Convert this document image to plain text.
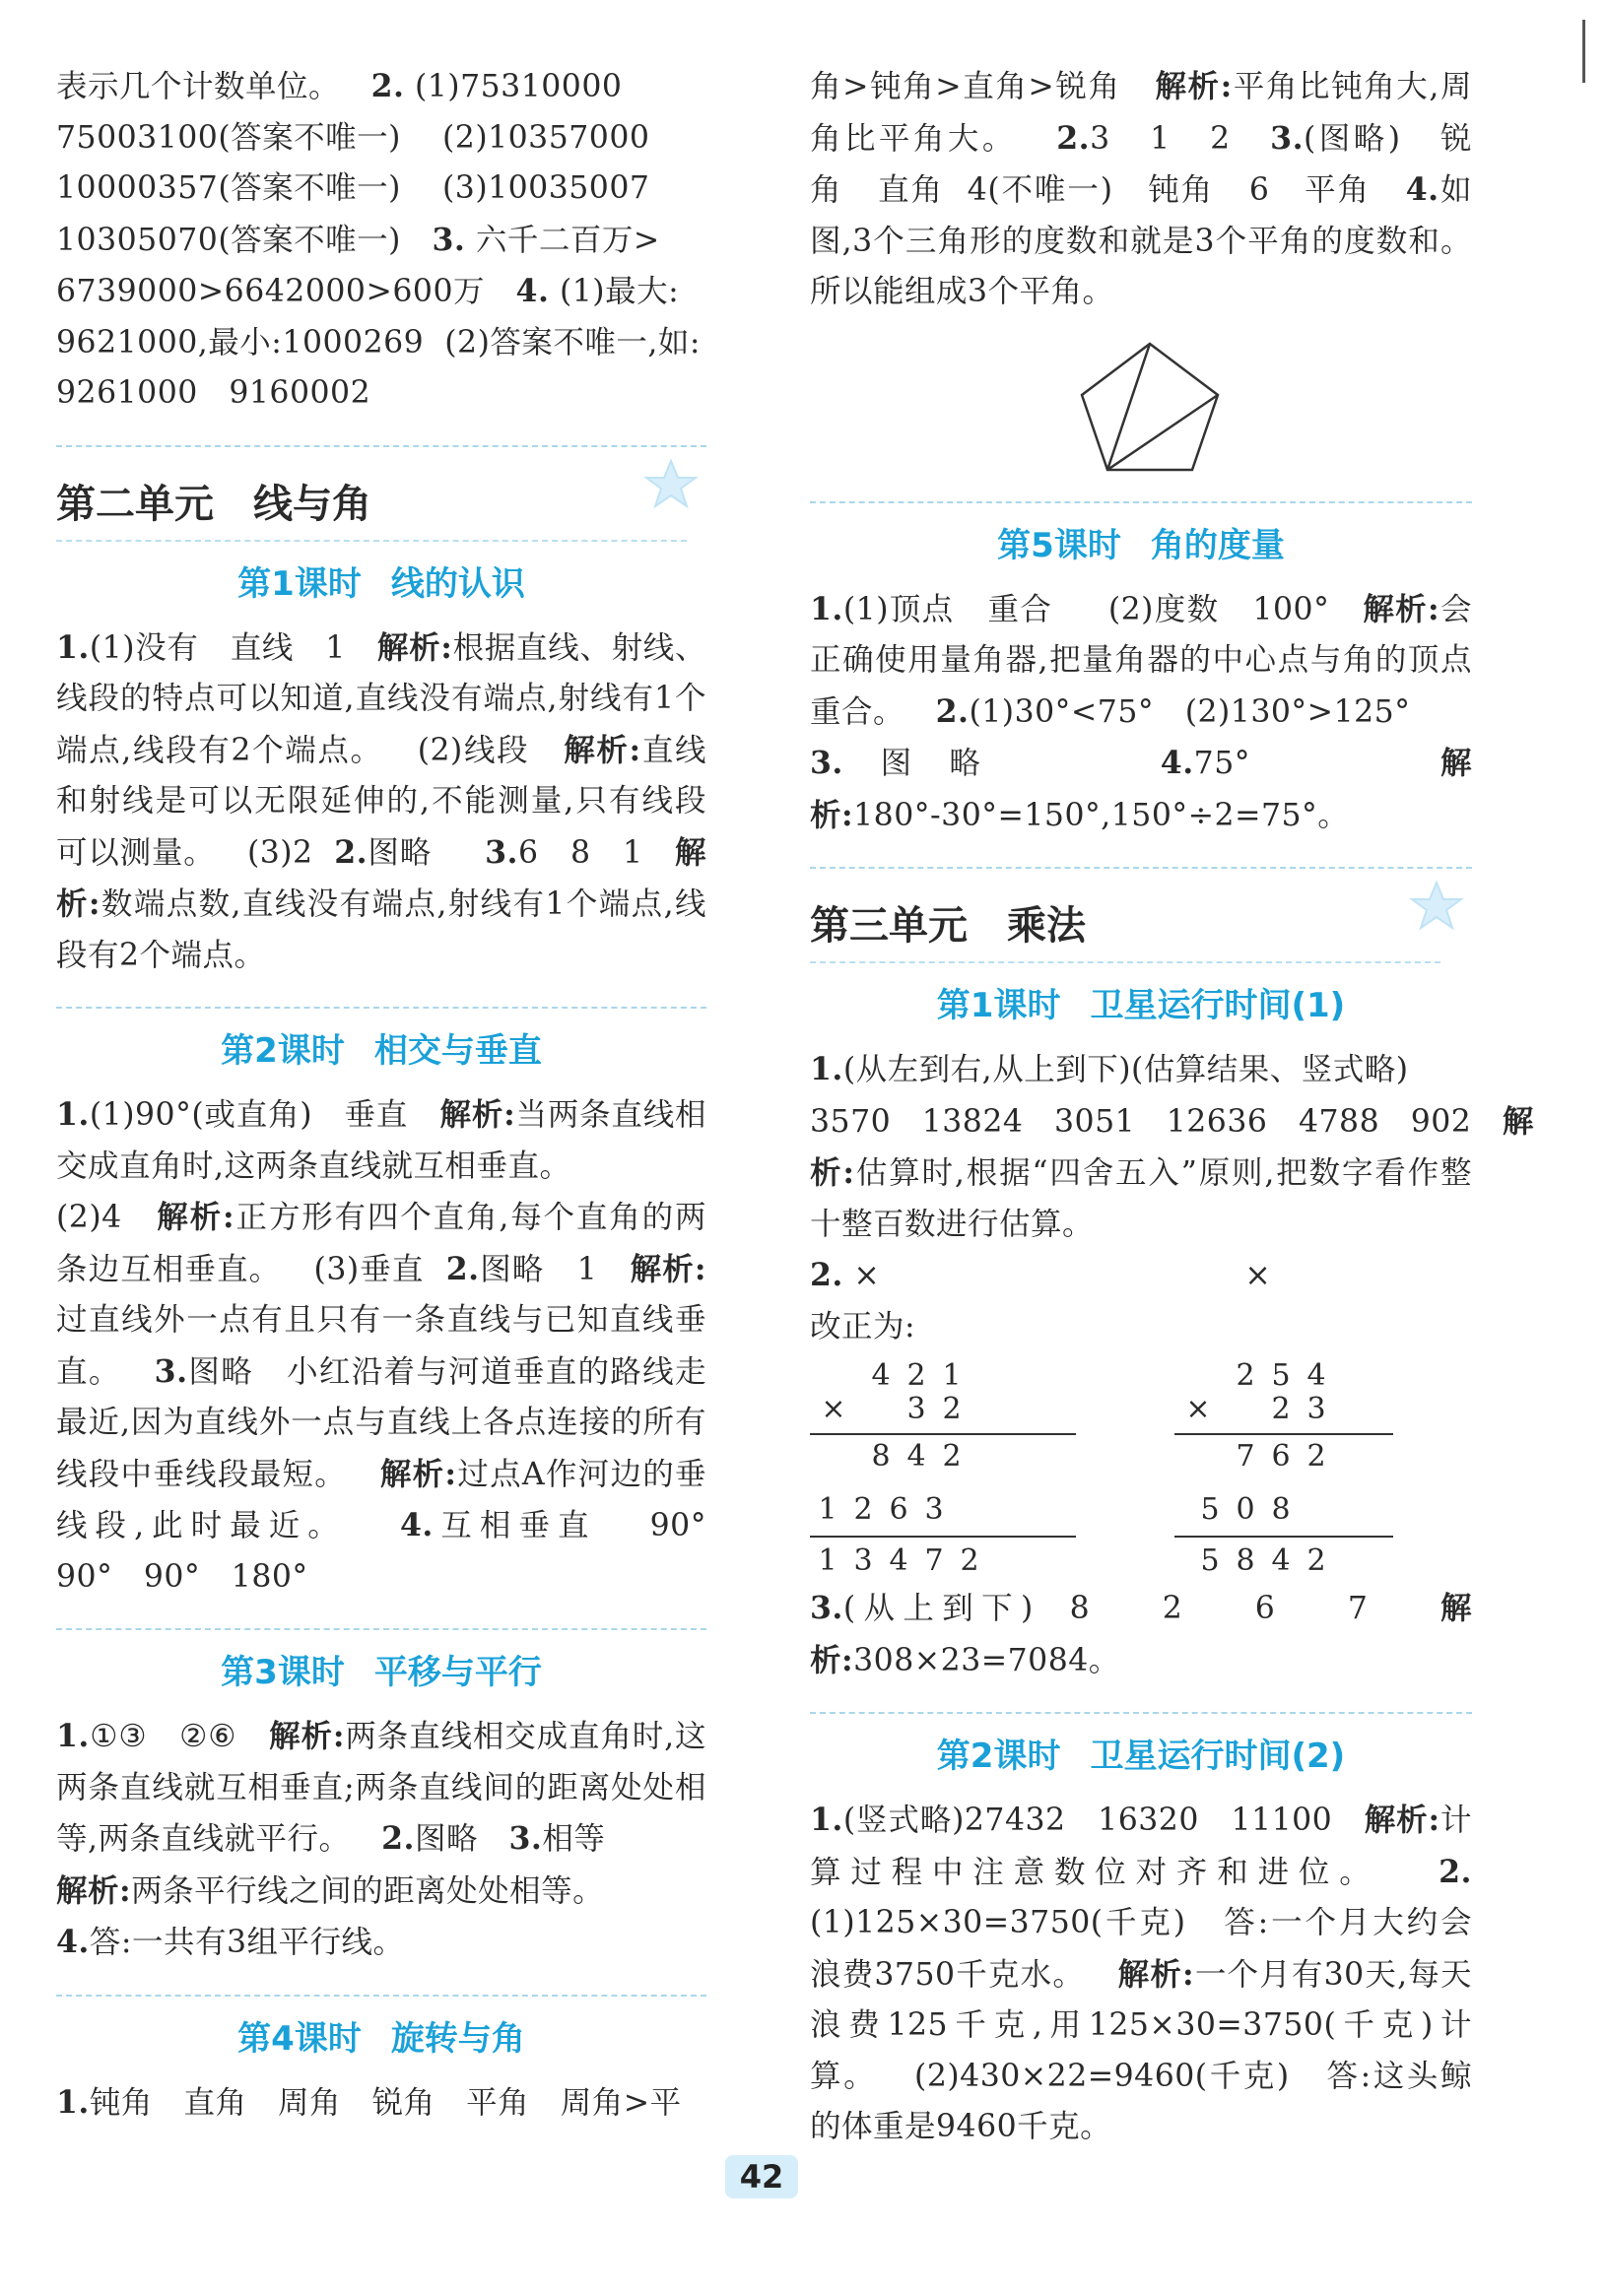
表示几个计数单位。 2. (1)75310000
75003100(答案不唯一) (2)10357000
10000357(答案不唯一) (3)10035007
10305070(答案不唯一) 3. 六千二百万>
6739000>6642000>600万 4. (1)最大:
9621000,最小:1000269 (2)答案不唯一,如:
9261000 9160002

第二单元 线与角
第1课时 线的认识

1.(1)没有 直线 1 解析:根据直线、射线、线段的特点可以知道,直线没有端点,射线有1个端点,线段有2个端点。 (2)线段 解析:直线和射线是可以无限延伸的,不能测量,只有线段可以测量。 (3)2 2.图略 3.6 8 1 解析:数端点数,直线没有端点,射线有1个端点,线段有2个端点。

第2课时 相交与垂直

1.(1)90°(或直角) 垂直 解析:当两条直线相交成直角时,这两条直线就互相垂直。
(2)4 解析:正方形有四个直角,每个直角的两条边互相垂直。 (3)垂直 2.图略 1 解析:过直线外一点有且只有一条直线与已知直线垂直。 3.图略 小红沿着与河道垂直的路线走最近,因为直线外一点与直线上各点连接的所有线段中垂线段最短。 解析:过点A作河边的垂线段,此时最近。 4.互相垂直 90° 90° 90° 180°

第3课时 平移与平行

1.①③ ②⑥ 解析:两条直线相交成直角时,这两条直线就互相垂直;两条直线间的距离处处相等,两条直线就平行。 2.图略 3.相等
解析:两条平行线之间的距离处处相等。
4.答:一共有3组平行线。

第4课时 旋转与角

1.钝角 直角 周角 锐角 平角 周角>平

角>钝角>直角>锐角 解析:平角比钝角大,周角比平角大。 2.3 1 2 3.(图略) 锐角 直角 4(不唯一) 钝角 6 平角 4.如图,3个三角形的度数和就是3个平角的度数和。所以能组成3个平角。

第5课时 角的度量

1.(1)顶点 重合 (2)度数 100° 解析:会正确使用量角器,把量角器的中心点与角的顶点重合。 2.(1)30°<75° (2)130°>125°
3.图略	4.75°	解析:180°-30°=150°,150°÷2=75°。

第三单元 乘法
第1课时 卫星运行时间(1)

1.(从左到右,从上到下)(估算结果、竖式略)
3570 13824 3051 12636 4788 902 解析:估算时,根据“四舍五入”原则,把数字看作整十整百数进行估算。
2. ×	×
改正为:

4 2 1
× 3 2
8 4 2
1 2 6 3
1 3 4 7 2
2 5 4
× 2 3
7 6 2
5 0 8
5 8 4 2

3.(从上到下) 8 2 6 7 解析:308×23=7084。

第2课时 卫星运行时间(2)

1.(竖式略)27432 16320 11100 解析:计算过程中注意数位对齐和进位。 2.(1)125×30=3750(千克) 答:一个月大约会浪费3750千克水。 解析:一个月有30天,每天浪费125千克,用125×30=3750(千克)计算。 (2)430×22=9460(千克) 答:这头鲸的体重是9460千克。

42
